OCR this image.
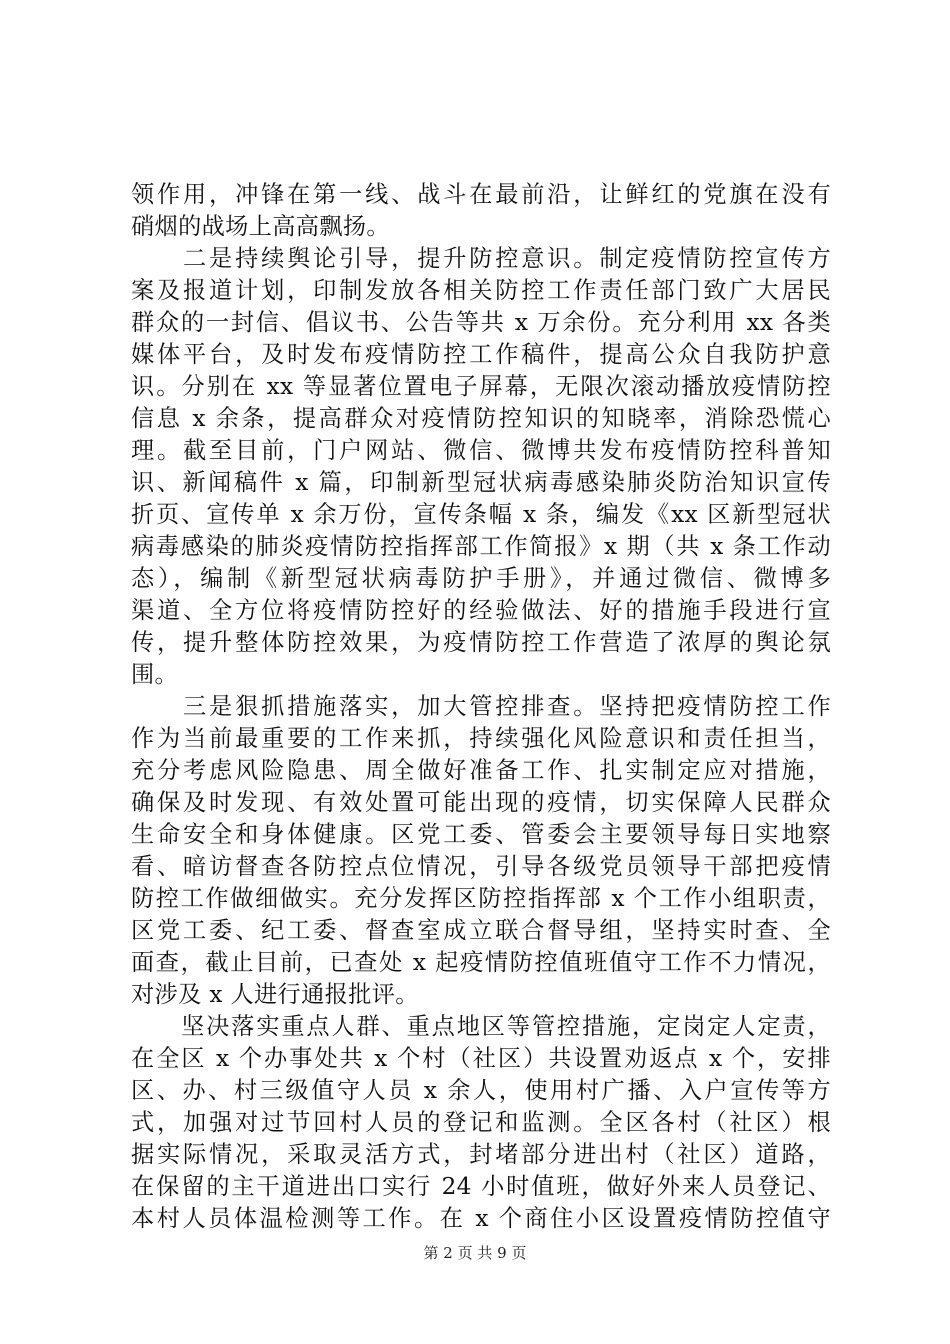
领作用，冲锋在第一线、战斗在最前沿，让鲜红的党旗在没有
硝烟的战场上高高飘扬。
　　二是持续舆论引导，提升防控意识。制定疫情防控宣传方
案及报道计划，印制发放各相关防控工作责任部门致广大居民
群众的一封信、倡议书、公告等共 x 万余份。充分利用 xx 各类
媒体平台，及时发布疫情防控工作稿件，提高公众自我防护意
识。分别在 xx 等显著位置电子屏幕，无限次滚动播放疫情防控
信息 x 余条，提高群众对疫情防控知识的知晓率，消除恐慌心
理。截至目前，门户网站、微信、微博共发布疫情防控科普知
识、新闻稿件 x 篇，印制新型冠状病毒感染肺炎防治知识宣传
折页、宣传单 x 余万份，宣传条幅 x 条，编发《xx 区新型冠状
病毒感染的肺炎疫情防控指挥部工作简报》x 期（共 x 条工作动
态），编制《新型冠状病毒防护手册》，并通过微信、微博多
渠道、全方位将疫情防控好的经验做法、好的措施手段进行宣
传，提升整体防控效果，为疫情防控工作营造了浓厚的舆论氛
围。
　　三是狠抓措施落实，加大管控排查。坚持把疫情防控工作
作为当前最重要的工作来抓，持续强化风险意识和责任担当，
充分考虑风险隐患、周全做好准备工作、扎实制定应对措施，
确保及时发现、有效处置可能出现的疫情，切实保障人民群众
生命安全和身体健康。区党工委、管委会主要领导每日实地察
看、暗访督查各防控点位情况，引导各级党员领导干部把疫情
防控工作做细做实。充分发挥区防控指挥部 x 个工作小组职责，
区党工委、纪工委、督查室成立联合督导组，坚持实时查、全
面查，截止目前，已查处 x 起疫情防控值班值守工作不力情况，
对涉及 x 人进行通报批评。
　　坚决落实重点人群、重点地区等管控措施，定岗定人定责，
在全区 x 个办事处共 x 个村（社区）共设置劝返点 x 个，安排
区、办、村三级值守人员 x 余人，使用村广播、入户宣传等方
式，加强对过节回村人员的登记和监测。全区各村（社区）根
据实际情况，采取灵活方式，封堵部分进出村（社区）道路，
在保留的主干道进出口实行 24 小时值班，做好外来人员登记、
本村人员体温检测等工作。在 x 个商住小区设置疫情防控值守
第 2 页 共 9 页
